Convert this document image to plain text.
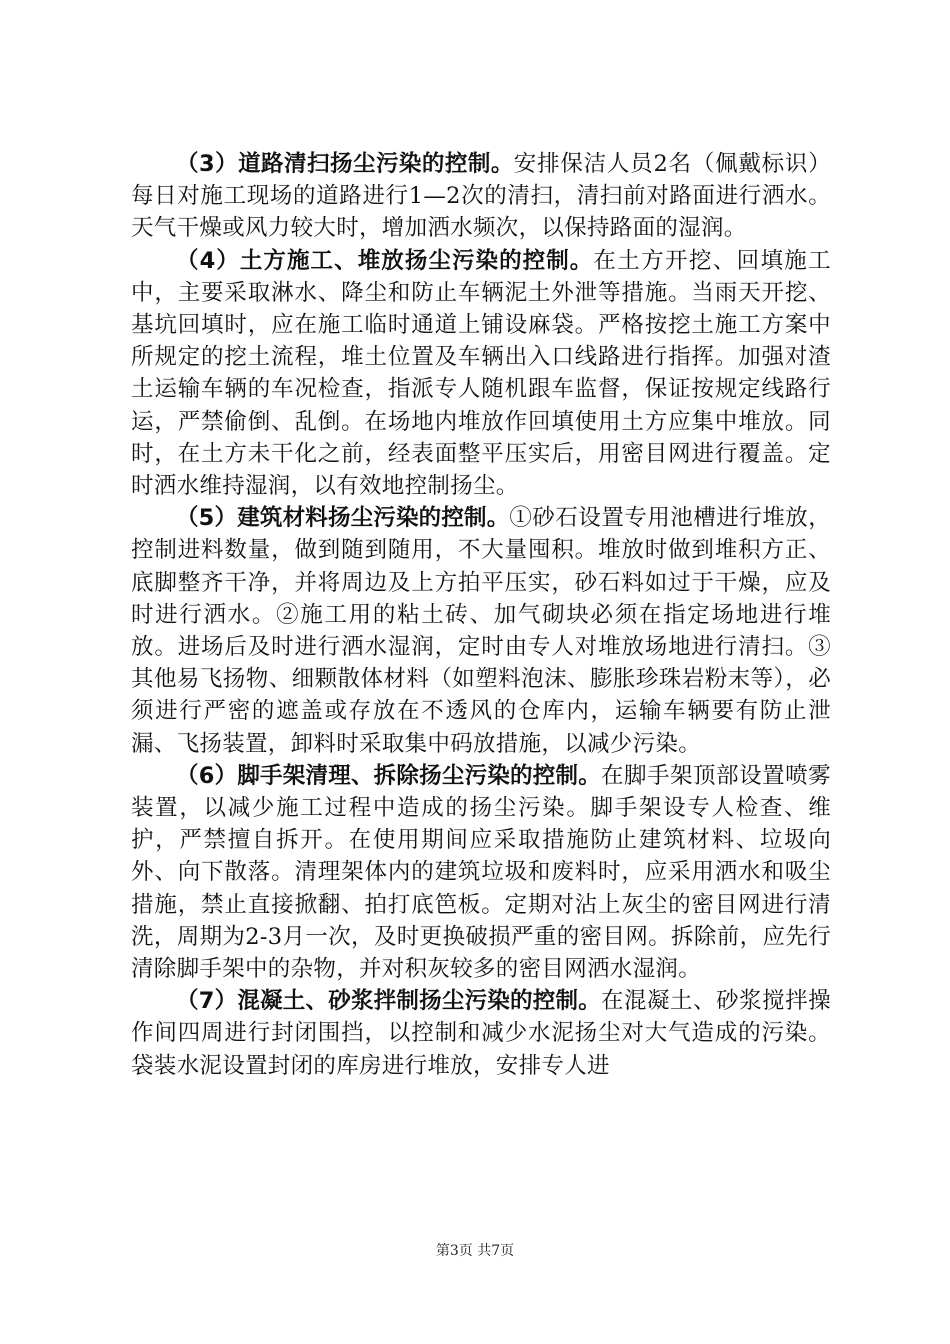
（3）道路清扫扬尘污染的控制。安排保洁人员2名（佩戴标识）每日对施工现场的道路进行1—2次的清扫，清扫前对路面进行洒水。天气干燥或风力较大时，增加洒水频次，以保持路面的湿润。

（4）土方施工、堆放扬尘污染的控制。在土方开挖、回填施工中，主要采取淋水、降尘和防止车辆泥土外泄等措施。当雨天开挖、基坑回填时，应在施工临时通道上铺设麻袋。严格按挖土施工方案中所规定的挖土流程，堆土位置及车辆出入口线路进行指挥。加强对渣土运输车辆的车况检查，指派专人随机跟车监督，保证按规定线路行运，严禁偷倒、乱倒。在场地内堆放作回填使用土方应集中堆放。同时，在土方未干化之前，经表面整平压实后，用密目网进行覆盖。定时洒水维持湿润，以有效地控制扬尘。

（5）建筑材料扬尘污染的控制。①砂石设置专用池槽进行堆放，控制进料数量，做到随到随用，不大量囤积。堆放时做到堆积方正、底脚整齐干净，并将周边及上方拍平压实，砂石料如过于干燥，应及时进行洒水。②施工用的粘土砖、加气砌块必须在指定场地进行堆放。进场后及时进行洒水湿润，定时由专人对堆放场地进行清扫。③其他易飞扬物、细颗散体材料（如塑料泡沫、膨胀珍珠岩粉末等），必须进行严密的遮盖或存放在不透风的仓库内，运输车辆要有防止泄漏、飞扬装置，卸料时采取集中码放措施，以减少污染。

（6）脚手架清理、拆除扬尘污染的控制。在脚手架顶部设置喷雾装置，以减少施工过程中造成的扬尘污染。脚手架设专人检查、维护，严禁擅自拆开。在使用期间应采取措施防止建筑材料、垃圾向外、向下散落。清理架体内的建筑垃圾和废料时，应采用洒水和吸尘措施，禁止直接掀翻、拍打底笆板。定期对沾上灰尘的密目网进行清洗，周期为2-3月一次，及时更换破损严重的密目网。拆除前，应先行清除脚手架中的杂物，并对积灰较多的密目网洒水湿润。

（7）混凝土、砂浆拌制扬尘污染的控制。在混凝土、砂浆搅拌操作间四周进行封闭围挡，以控制和减少水泥扬尘对大气造成的污染。袋装水泥设置封闭的库房进行堆放，安排专人进

第3页 共7页
